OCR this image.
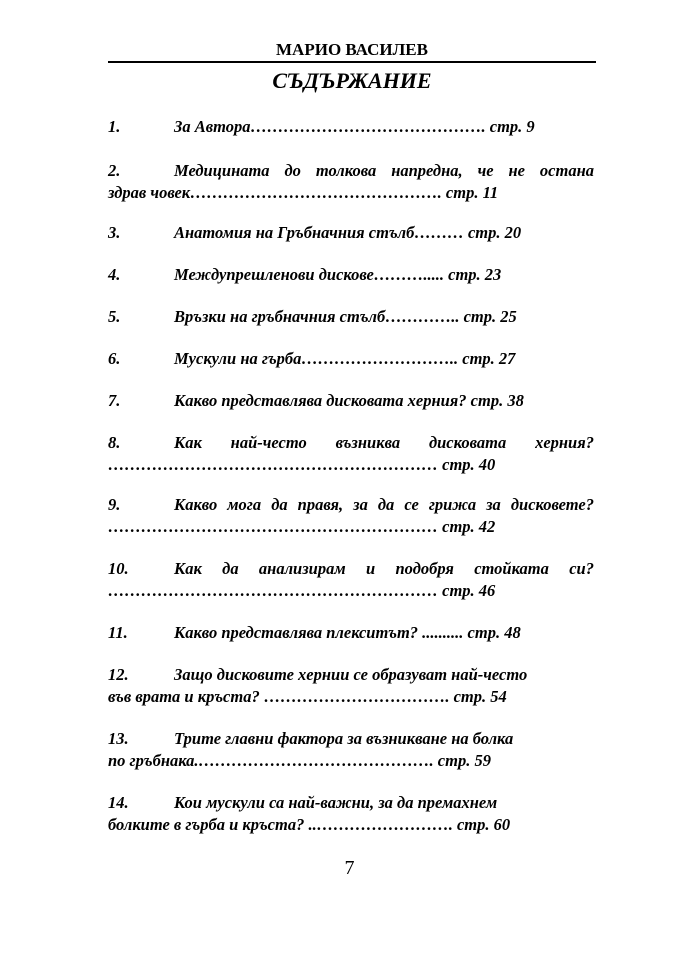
МАРИО ВАСИЛЕВ
СЪДЪРЖАНИЕ
1.	За Автора……………………………………. стр. 9
2.	Медицината до толкова напредна, че не остана
здрав човек………………………………………. стр. 11
3.	Анатомия на Гръбначния стълб……… стр. 20
4.	Междупрешленови дискове………..... стр. 23
5.	Връзки на гръбначния стълб………….. стр. 25
6.	Мускули на гърба……………………….. стр. 27
7.	Какво представлява дисковата херния? стр. 38
8.	Как най-често възниква дисковата херния?
…………………………………………………… стр. 40
9.	Какво мога да правя, за да се грижа за дисковете?
…………………………………………………… стр. 42
10.	Как да анализирам и подобря стойката си?
…………………………………………………… стр. 46
11.	Какво представлява плекситът? .......... стр. 48
12.	Защо дисковите хернии се образуват най-често
във врата и кръста? ……………………………. стр. 54
13.	Трите главни фактора за възникване на болка
по гръбнака.……………………………………. стр. 59
14.	Кои мускули са най-важни, за да премахнем
болките в гърба и кръста? ..……………………. стр. 60
7
